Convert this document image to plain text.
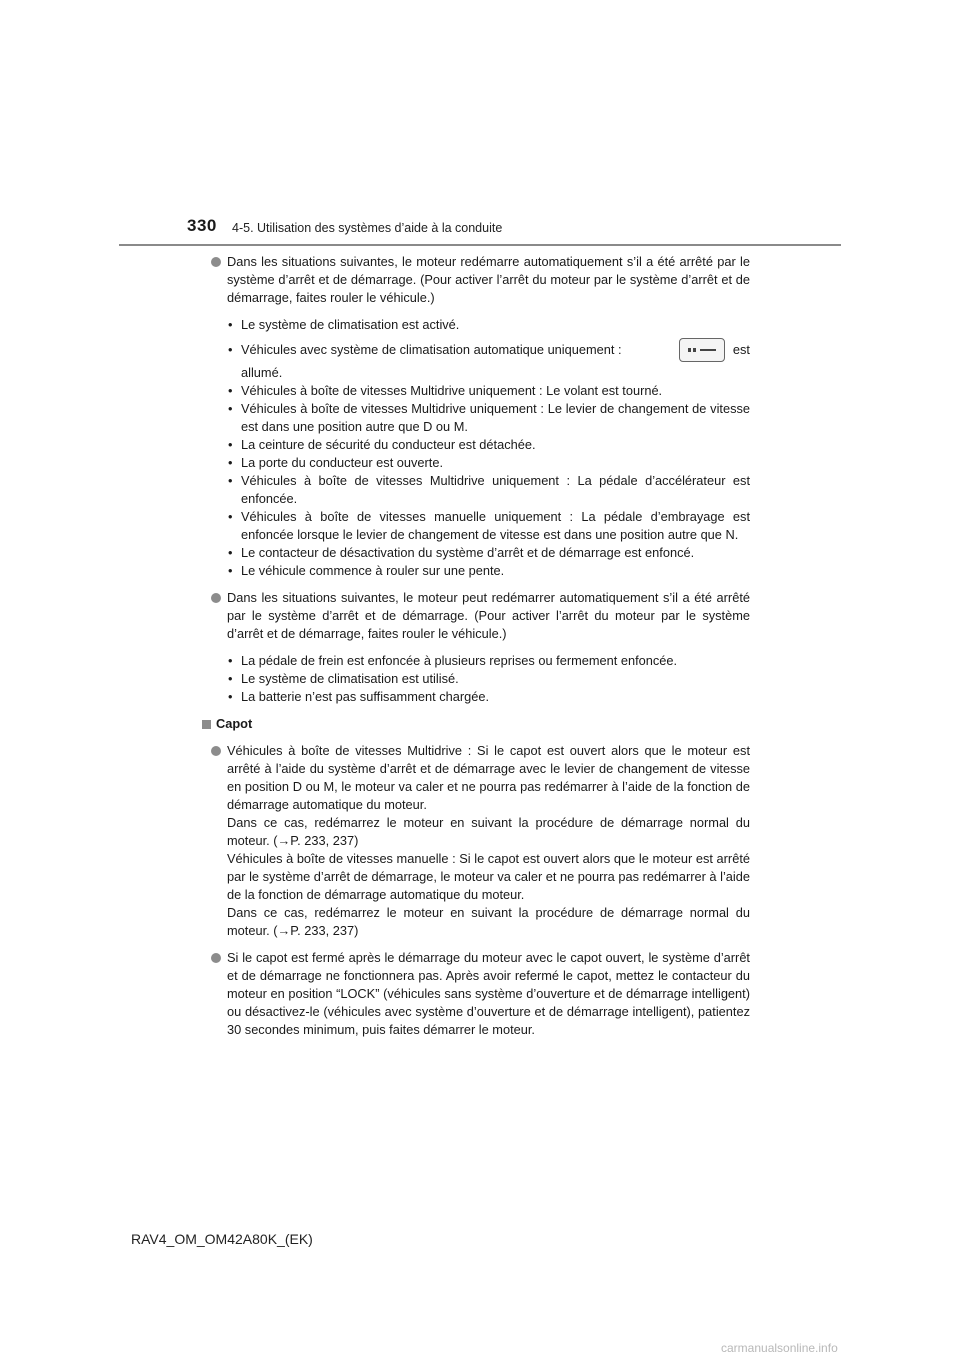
330 4-5. Utilisation des systèmes d’aide à la conduite
Dans les situations suivantes, le moteur redémarre automatiquement s’il a été arrêté par le système d’arrêt et de démarrage. (Pour activer l’arrêt du moteur par le système d’arrêt et de démarrage, faites rouler le véhicule.)
• Le système de climatisation est activé.
• Véhicules avec système de climatisation automatique uniquement :	est
allumé.
• Véhicules à boîte de vitesses Multidrive uniquement : Le volant est tourné.
• Véhicules à boîte de vitesses Multidrive uniquement : Le levier de changement de vitesse est dans une position autre que D ou M.
• La ceinture de sécurité du conducteur est détachée.
• La porte du conducteur est ouverte.
• Véhicules à boîte de vitesses Multidrive uniquement : La pédale d’accélérateur est enfoncée.
• Véhicules à boîte de vitesses manuelle uniquement : La pédale d’embrayage est enfoncée lorsque le levier de changement de vitesse est dans une position autre que N.
• Le contacteur de désactivation du système d’arrêt et de démarrage est enfoncé.
• Le véhicule commence à rouler sur une pente.
Dans les situations suivantes, le moteur peut redémarrer automatiquement s’il a été arrêté par le système d’arrêt et de démarrage. (Pour activer l’arrêt du moteur par le système d’arrêt et de démarrage, faites rouler le véhicule.)
• La pédale de frein est enfoncée à plusieurs reprises ou fermement enfoncée.
• Le système de climatisation est utilisé.
• La batterie n’est pas suffisamment chargée.
Capot
Véhicules à boîte de vitesses Multidrive : Si le capot est ouvert alors que le moteur est arrêté à l’aide du système d’arrêt et de démarrage avec le levier de changement de vitesse en position D ou M, le moteur va caler et ne pourra pas redémarrer à l’aide de la fonction de démarrage automatique du moteur.
Dans ce cas, redémarrez le moteur en suivant la procédure de démarrage normal du moteur. (→P. 233, 237)
Véhicules à boîte de vitesses manuelle : Si le capot est ouvert alors que le moteur est arrêté par le système d’arrêt de démarrage, le moteur va caler et ne pourra pas redémarrer à l’aide de la fonction de démarrage automatique du moteur.
Dans ce cas, redémarrez le moteur en suivant la procédure de démarrage normal du moteur. (→P. 233, 237)
Si le capot est fermé après le démarrage du moteur avec le capot ouvert, le système d’arrêt et de démarrage ne fonctionnera pas. Après avoir refermé le capot, mettez le contacteur du moteur en position “LOCK” (véhicules sans système d’ouverture et de démarrage intelligent) ou désactivez-le (véhicules avec système d’ouverture et de démarrage intelligent), patientez 30 secondes minimum, puis faites démarrer le moteur.
RAV4_OM_OM42A80K_(EK)
carmanualsonline.info
